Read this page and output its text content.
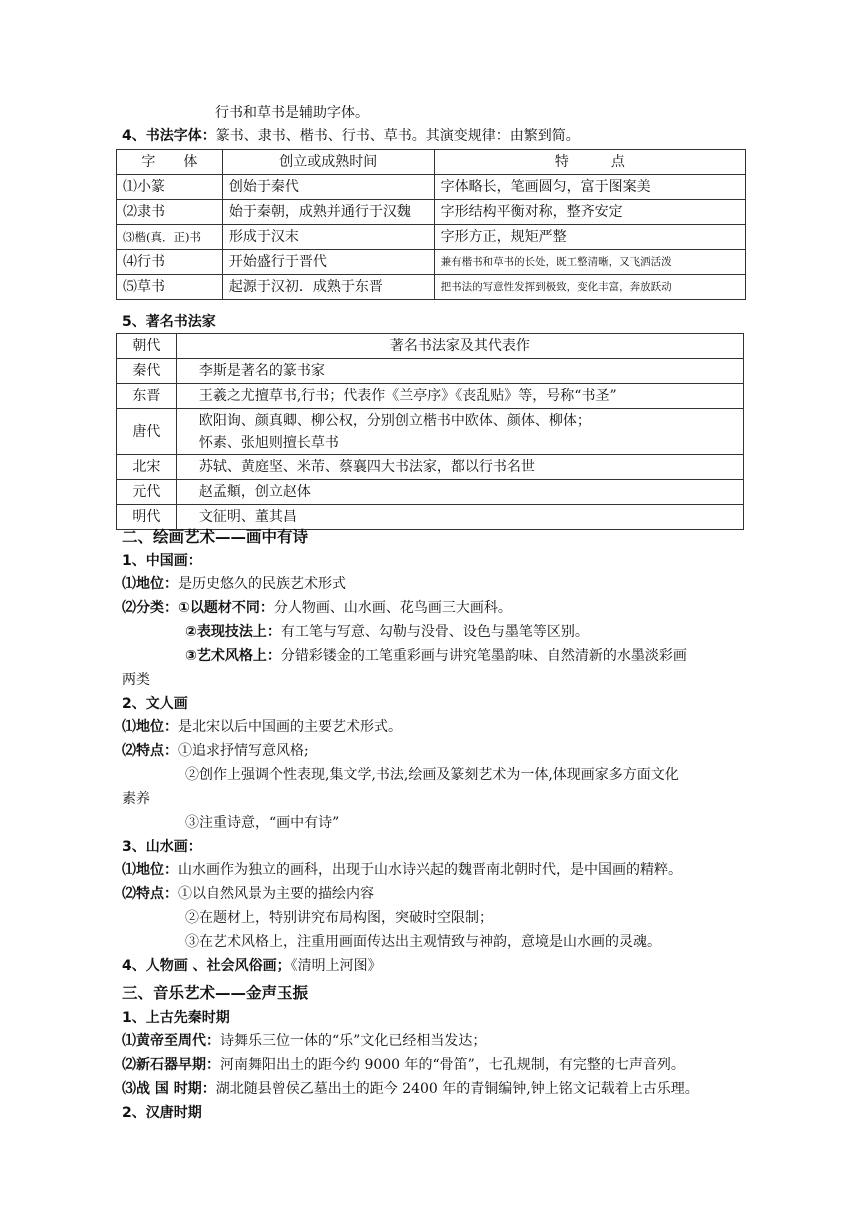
行书和草书是辅助字体。
4、书法字体：篆书、隶书、楷书、行书、草书。其演变规律：由繁到简。
字　　体	创立或成熟时间	特　　　点
⑴小篆	创始于秦代	字体略长，笔画圆匀，富于图案美
⑵隶书	始于秦朝，成熟并通行于汉魏	字形结构平衡对称，整齐安定
⑶楷(真．正)书	形成于汉末	字形方正，规矩严整
⑷行书	开始盛行于晋代	兼有楷书和草书的长处，既工整清晰，又飞洒活泼
⑸草书	起源于汉初．成熟于东晋	把书法的写意性发挥到极致，变化丰富，奔放跃动
5、著名书法家
朝代	著名书法家及其代表作
秦代	李斯是著名的篆书家
东晋	王羲之尤擅草书,行书；代表作《兰亭序》《丧乱贴》等，号称“书圣”
唐代	欧阳询、颜真卿、柳公权，分别创立楷书中欧体、颜体、柳体；
怀素、张旭则擅长草书

北宋	苏轼、黄庭坚、米芾、蔡襄四大书法家，都以行书名世
元代	赵孟頫，创立赵体
明代	文征明、董其昌
二、绘画艺术——画中有诗
1、中国画：
⑴地位：是历史悠久的民族艺术形式
⑵分类：①以题材不同：分人物画、山水画、花鸟画三大画科。
②表现技法上：有工笔与写意、勾勒与没骨、设色与墨笔等区别。
③艺术风格上：分错彩镂金的工笔重彩画与讲究笔墨韵味、自然清新的水墨淡彩画
两类
2、文人画
⑴地位：是北宋以后中国画的主要艺术形式。
⑵特点：①追求抒情写意风格;
②创作上强调个性表现,集文学,书法,绘画及篆刻艺术为一体,体现画家多方面文化
素养
③注重诗意，“画中有诗”
3、山水画：
⑴地位：山水画作为独立的画科，出现于山水诗兴起的魏晋南北朝时代，是中国画的精粹。
⑵特点：①以自然风景为主要的描绘内容
②在题材上，特别讲究布局构图，突破时空限制；
③在艺术风格上，注重用画面传达出主观情致与神韵，意境是山水画的灵魂。
4、人物画 、社会风俗画；《清明上河图》
三、音乐艺术——金声玉振
1、上古先秦时期
⑴黄帝至周代：诗舞乐三位一体的“乐”文化已经相当发达；
⑵新石器早期：河南舞阳出土的距今约 9000 年的“骨笛”，七孔规制，有完整的七声音列。
⑶战 国 时期：湖北随县曾侯乙墓出土的距今 2400 年的青铜编钟,钟上铭文记载着上古乐理。
2、汉唐时期
